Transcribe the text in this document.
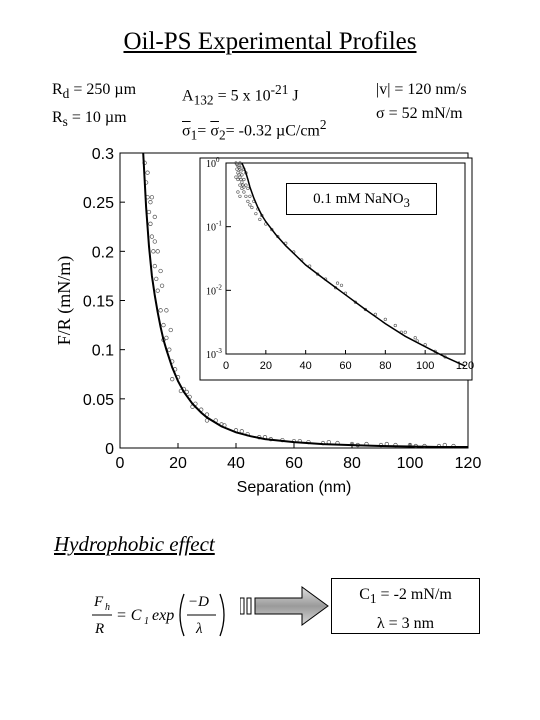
Oil-PS Experimental Profiles
$R_d = 250$ µm
$R_s = 10$ µm
$A_{132} = 5$ x $10^{-21}$ J
$\overline{\sigma}_1= \overline{\sigma}_2= -0.32$ $\mu C/cm^2$
|v| = 120 nm/s
σ = 52 mN/m
0	20	40	60	80 100 120
0
0.05
0.1
0.15
0.2
0.25
0.3
Separation (nm)
F/R (mN/m)
0	20	40	60	80 100 120
$10^0$
$10^{-1}$
$10^{-2}$
$10^{-3}$
0.1 mM NaNO$_3$
Hydrophobic effect
F h
R
= C 1 exp
−D
λ
$C_1 = -2$ mN/m
λ = 3 nm
